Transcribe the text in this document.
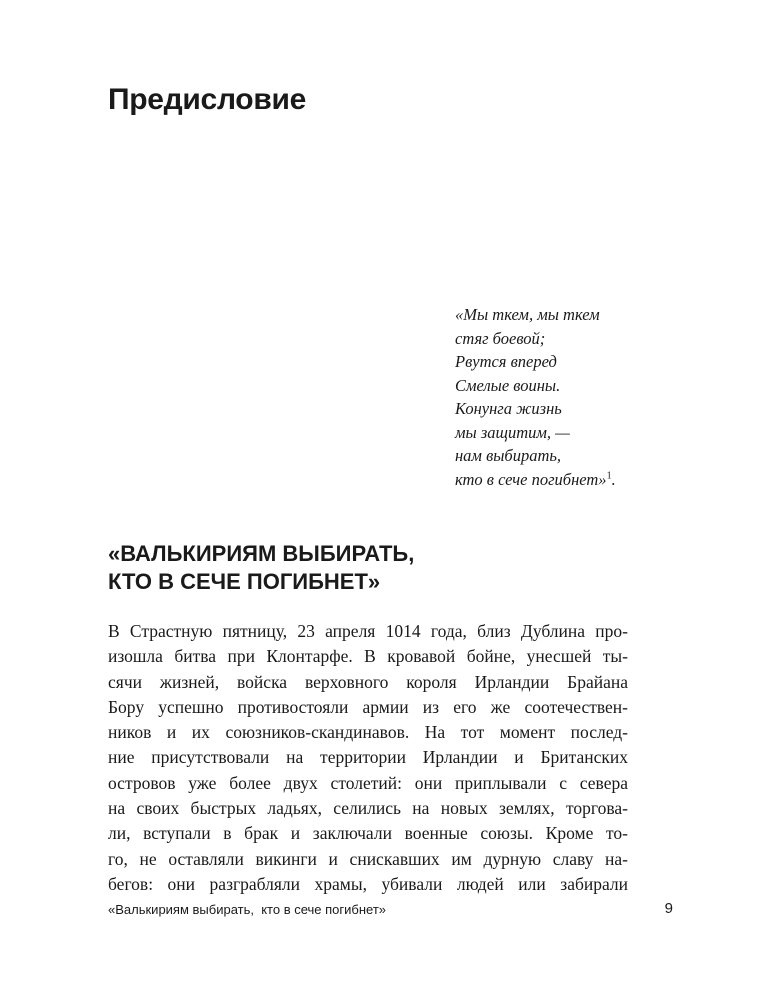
Предисловие
«Мы ткем, мы ткем
стяг боевой;
Рвутся вперед
Смелые воины.
Конунга жизнь
мы защитим, —
нам выбирать,
кто в сече погибнет»$^1$.
«ВАЛЬКИРИЯМ ВЫБИРАТЬ,
КТО В СЕЧЕ ПОГИБНЕТ»
В Страстную пятницу, 23 апреля 1014 года, близ Дублина про-
изошла битва при Клонтарфе. В кровавой бойне, унесшей ты-
сячи жизней, войска верховного короля Ирландии Брайана
Бору успешно противостояли армии из его же соотечествен-
ников и их союзников-скандинавов. На тот момент послед-
ние присутствовали на территории Ирландии и Британских
островов уже более двух столетий: они приплывали с севера
на своих быстрых ладьях, селились на новых землях, торгова-
ли, вступали в брак и заключали военные союзы. Кроме то-
го, не оставляли викинги и снискавших им дурную славу на-
бегов: они разграбляли храмы, убивали людей или забирали
«Валькириям выбирать,  кто в сече погибнет»	9
